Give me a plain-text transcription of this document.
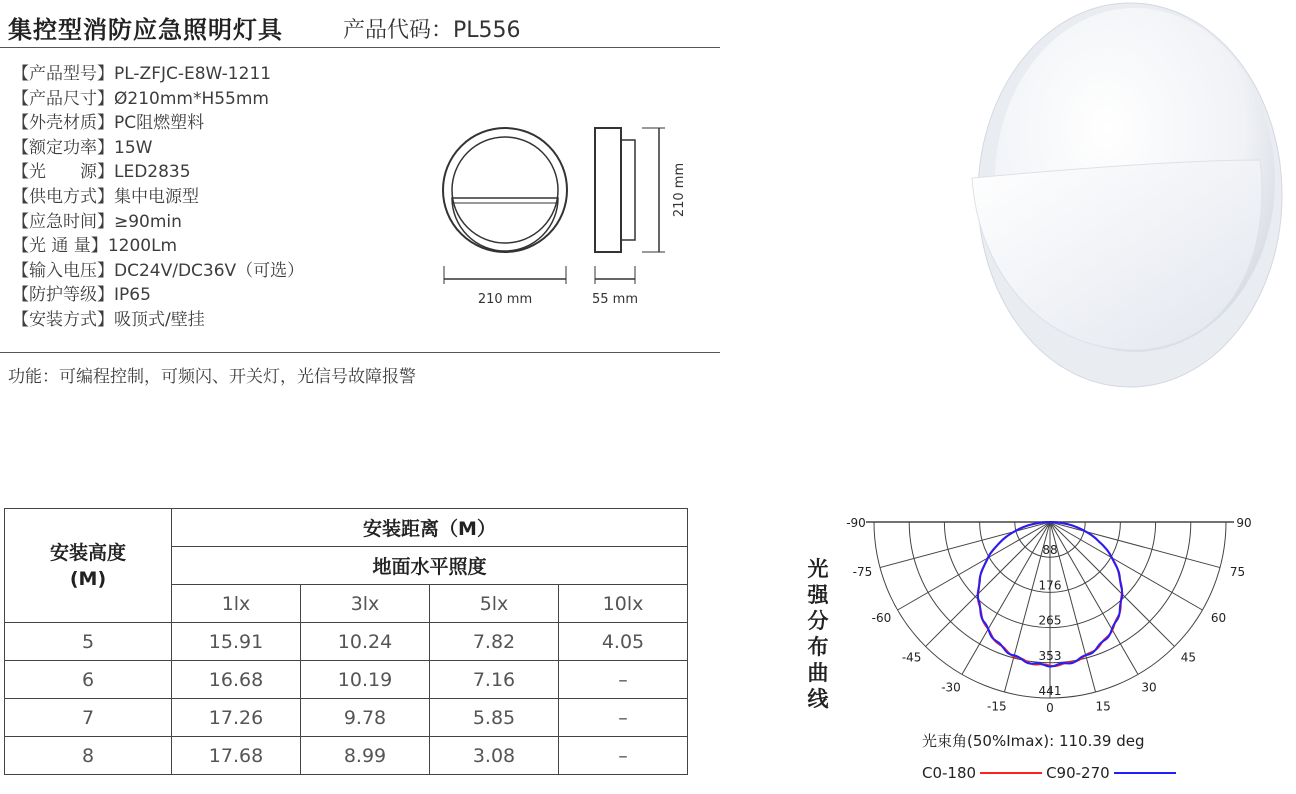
集控型消防应急照明灯具	产品代码：PL556
【产品型号】PL-ZFJC-E8W-1211
【产品尺寸】Ø210mm*H55mm
【外壳材质】PC阻燃塑料
【额定功率】15W
【光　　源】LED2835
【供电方式】集中电源型
【应急时间】≥90min
【光 通 量】1200Lm
【输入电压】DC24V/DC36V（可选）
【防护等级】IP65
【安装方式】吸顶式/壁挂
210 mm
210 mm	55 mm
功能：可编程控制，可频闪、开关灯，光信号故障报警
安装高度(M)	安装距离（M）			
	地面水平照度			
	1lx	3lx	5lx	10lx
5	15.91	10.24	7.82	4.05
6	16.68	10.19	7.16	–
7	17.26	9.78	5.85	–
8	17.68	8.99	3.08	–
光强分布曲线
-90	90
-75	75
-60	60
-45	45
-30	30
-15	15
0
88
176
265
353
441
光束角(50%Imax): 110.39 deg
C0-180	C90-270
